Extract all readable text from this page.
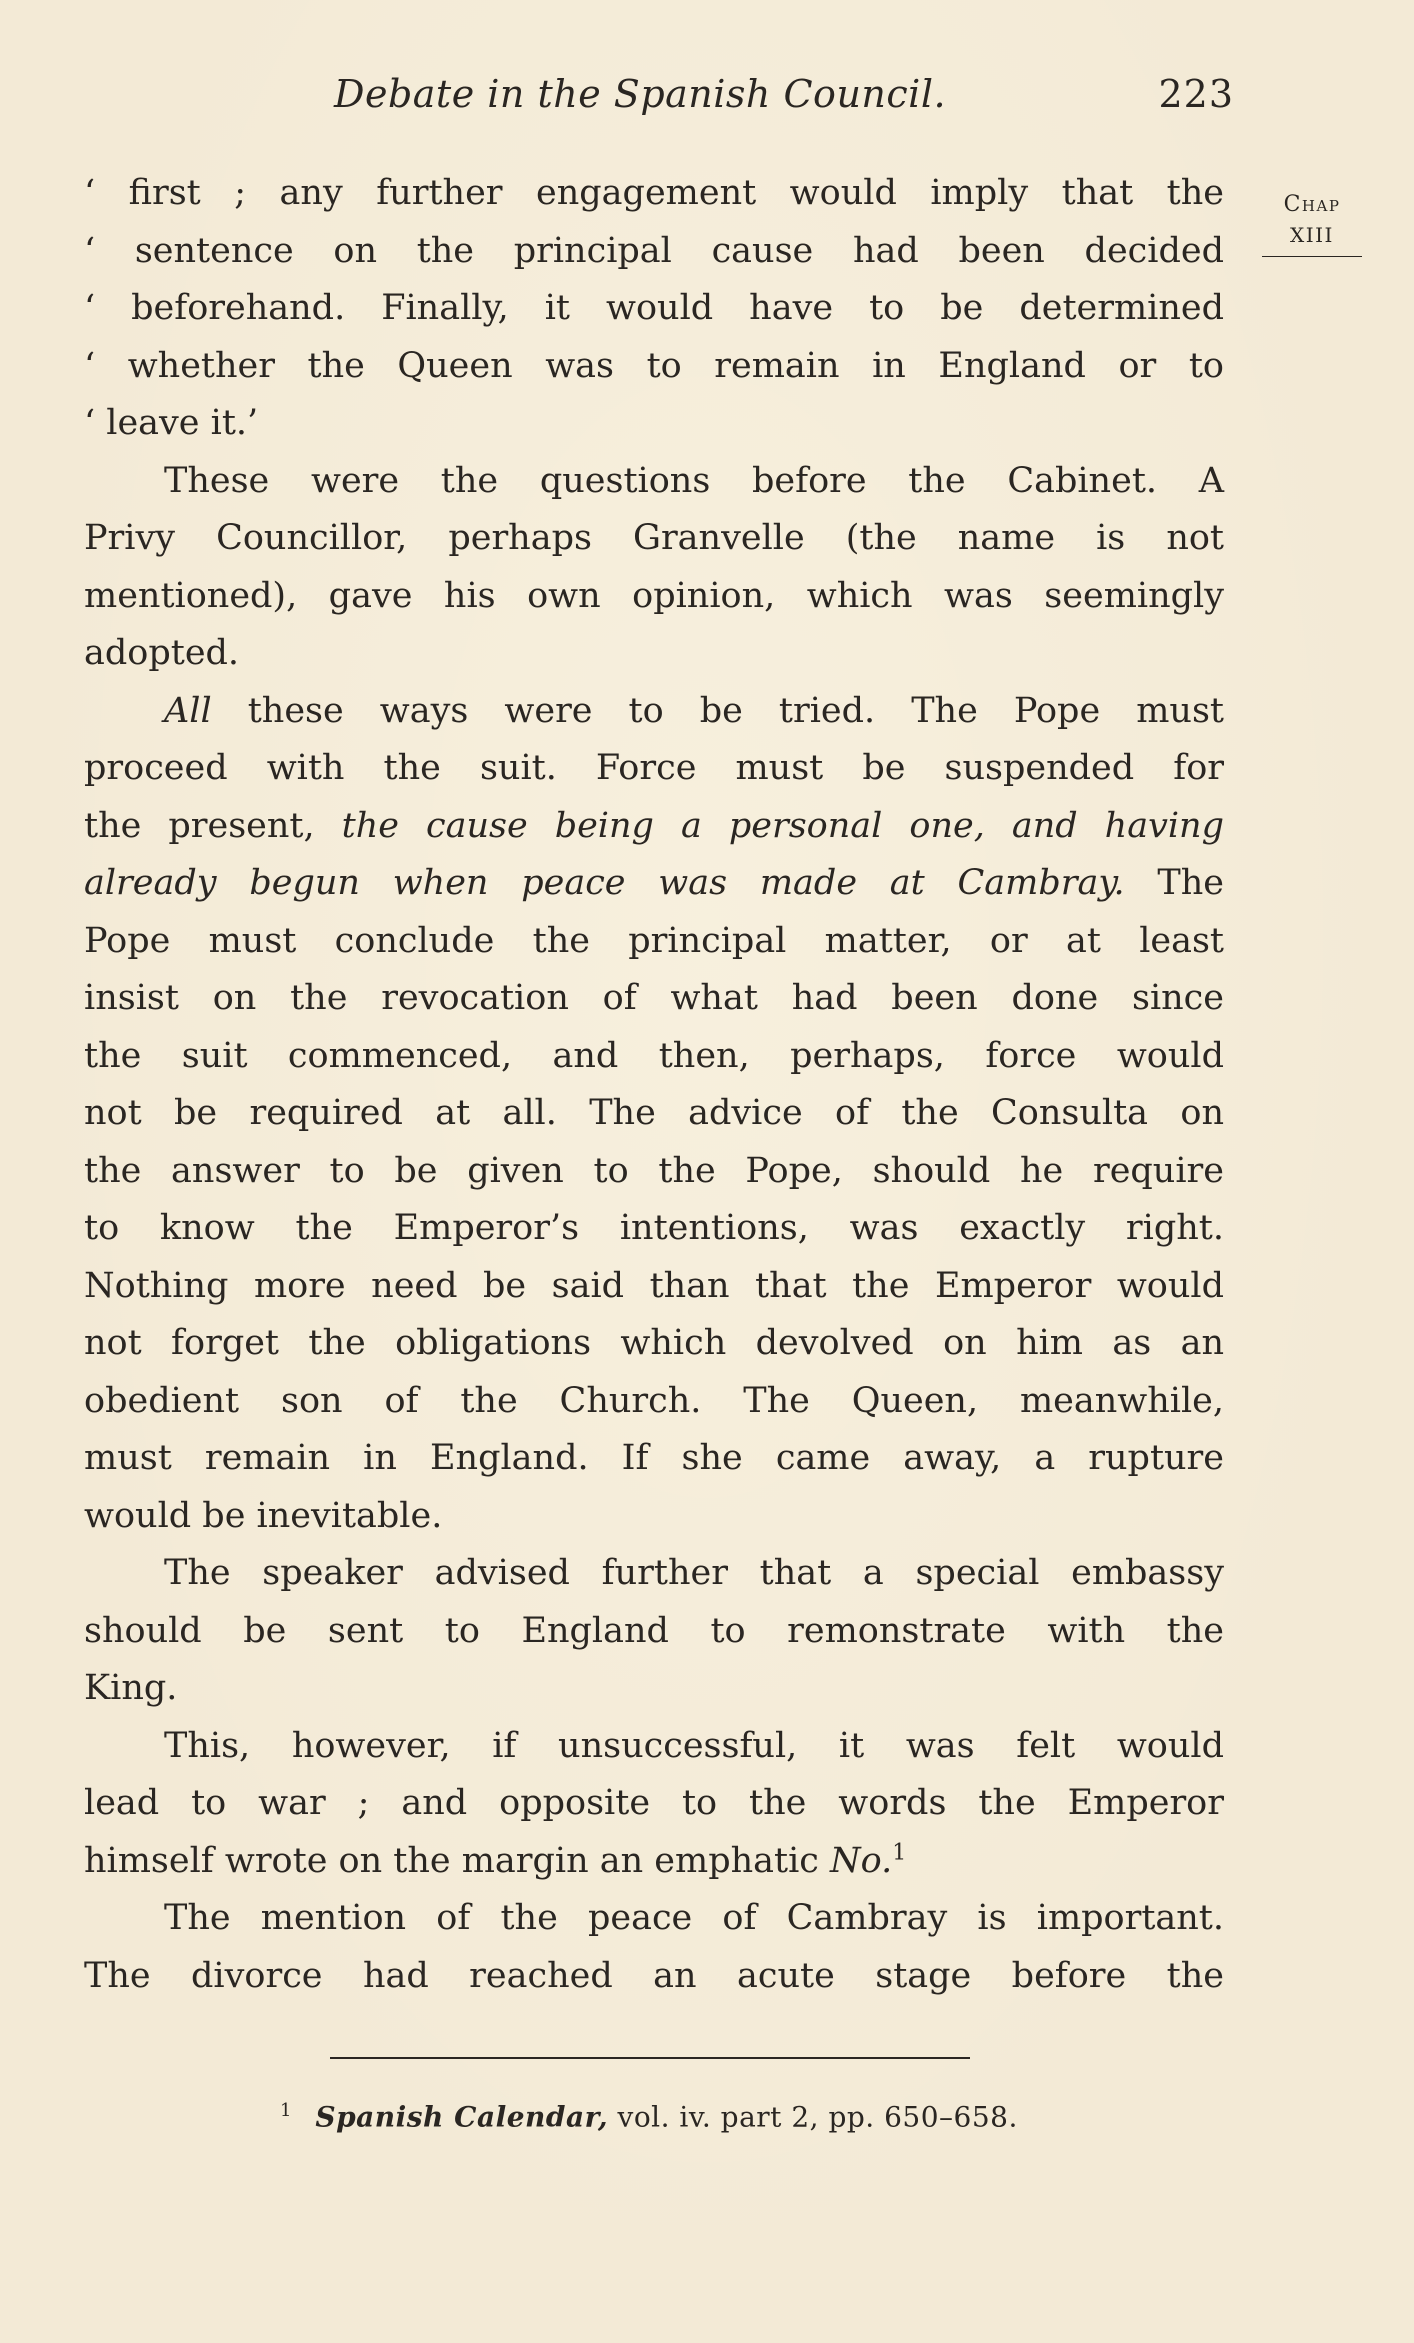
Debate in the Spanish Council.	223
Chap
XIII
‘ first ; any further engagement would imply that the
‘ sentence on the principal cause had been decided
‘ beforehand. Finally, it would have to be determined
‘ whether the Queen was to remain in England or to
‘ leave it.’
These were the questions before the Cabinet. A
Privy Councillor, perhaps Granvelle (the name is not
mentioned), gave his own opinion, which was seemingly
adopted.
All these ways were to be tried. The Pope must
proceed with the suit. Force must be suspended for
the present, the cause being a personal one, and having
already begun when peace was made at Cambray. The
Pope must conclude the principal matter, or at least
insist on the revocation of what had been done since
the suit commenced, and then, perhaps, force would
not be required at all. The advice of the Consulta on
the answer to be given to the Pope, should he require
to know the Emperor’s intentions, was exactly right.
Nothing more need be said than that the Emperor would
not forget the obligations which devolved on him as an
obedient son of the Church. The Queen, meanwhile,
must remain in England. If she came away, a rupture
would be inevitable.
The speaker advised further that a special embassy
should be sent to England to remonstrate with the
King.
This, however, if unsuccessful, it was felt would
lead to war ; and opposite to the words the Emperor
himself wrote on the margin an emphatic No.$^1$
The mention of the peace of Cambray is important.
The divorce had reached an acute stage before the
$^1$ Spanish Calendar, vol. iv. part 2, pp. 650–658.
